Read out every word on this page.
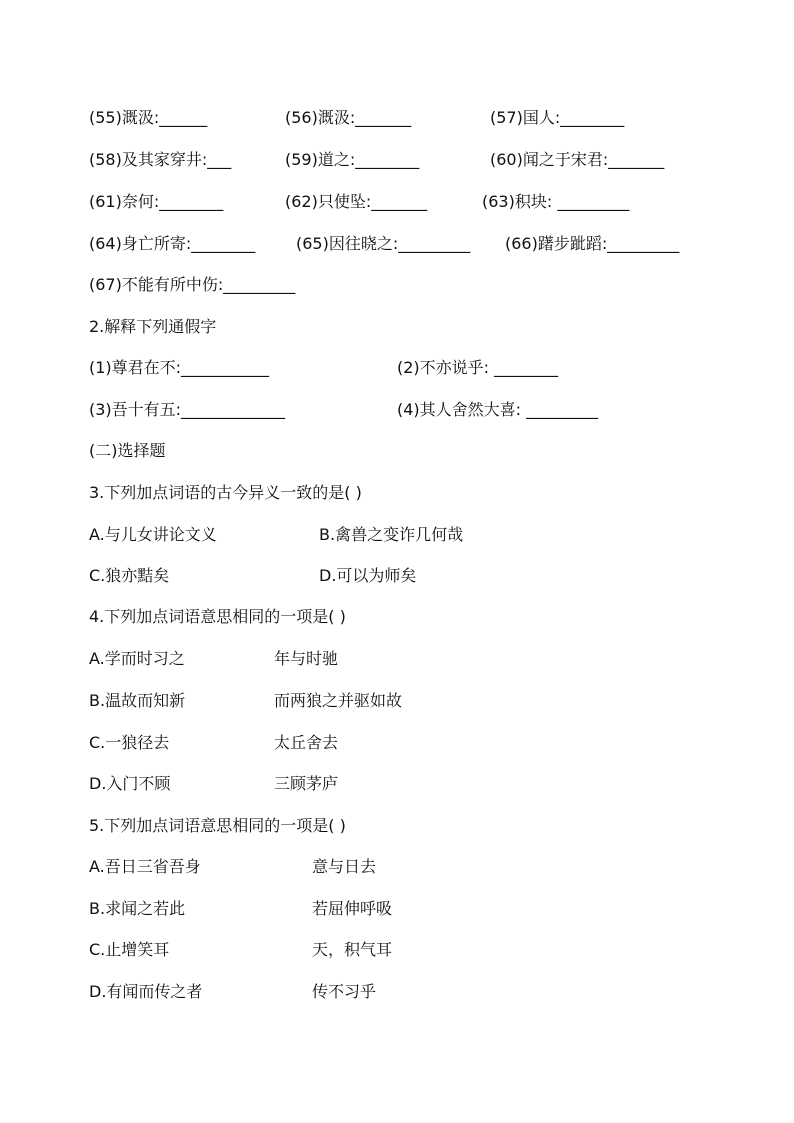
(55)溉汲:______	(56)溉汲:_______	(57)国人:________
(58)及其家穿井:___	(59)道之:________	(60)闻之于宋君:_______
(61)奈何:________	(62)只使坠:_______	(63)积块: _________
(64)身亡所寄:________	(65)因往晓之:_________ (66)躇步跐蹈:_________
(67)不能有所中伤:_________
2.解释下列通假字
(1)尊君在不:___________	(2)不亦说乎: ________
(3)吾十有五:_____________	(4)其人舍然大喜: _________
(二)选择题
3.下列加点词语的古今异义一致的是( )
A.与儿女讲论文义	B.禽兽之变诈几何哉
C.狼亦黠矣	D.可以为师矣
4.下列加点词语意思相同的一项是( )
A.学而时习之	年与时驰
B.温故而知新	而两狼之并驱如故
C.一狼径去	太丘舍去
D.入门不顾	三顾茅庐
5.下列加点词语意思相同的一项是( )
A.吾日三省吾身	意与日去
B.求闻之若此	若屈伸呼吸
C.止增笑耳	天，积气耳
D.有闻而传之者	传不习乎
